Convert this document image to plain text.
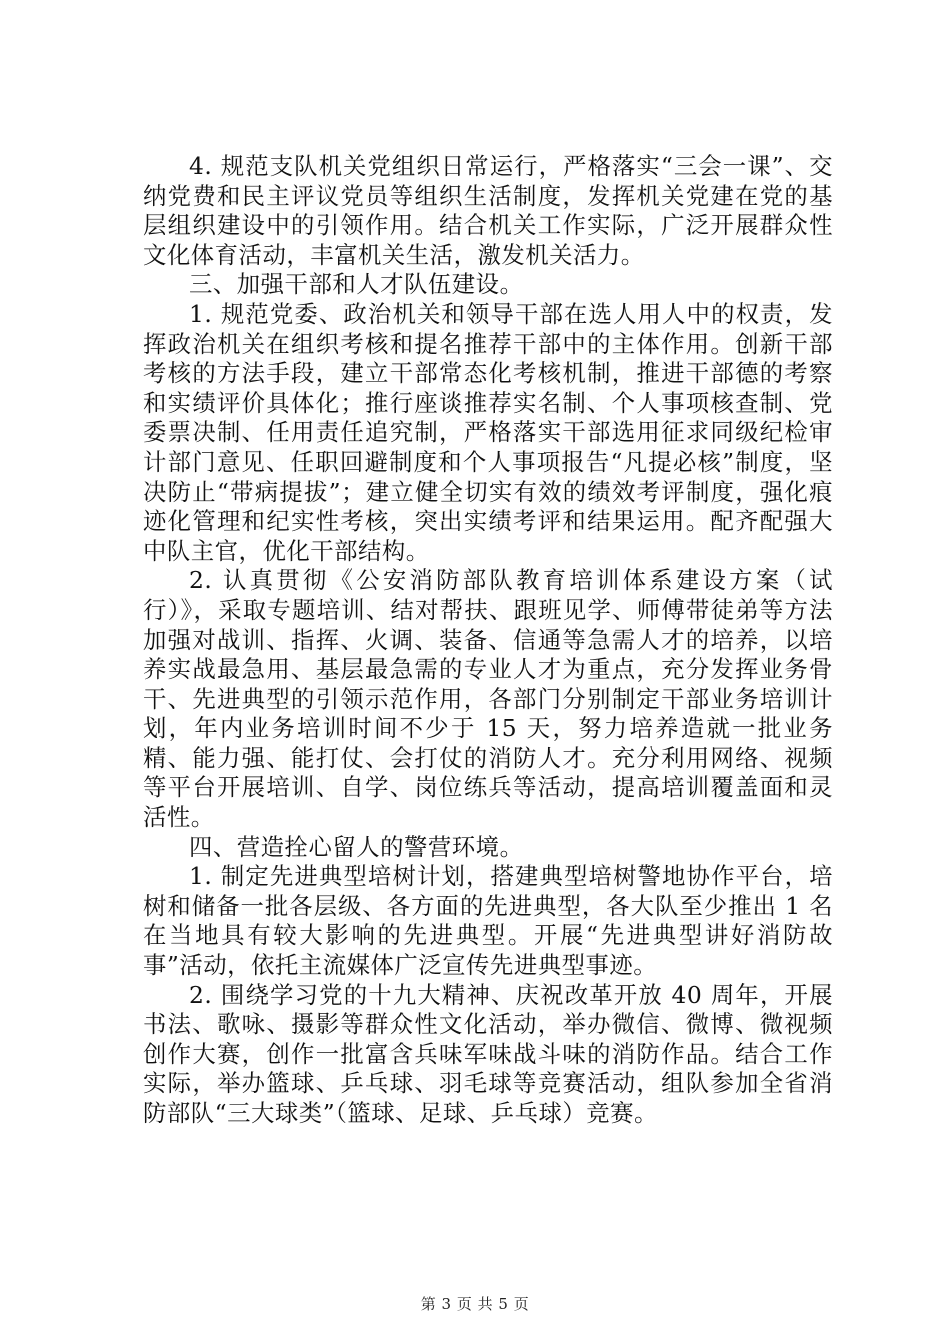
4. 规范支队机关党组织日常运行，严格落实“三会一课”、交纳党费和民主评议党员等组织生活制度，发挥机关党建在党的基层组织建设中的引领作用。结合机关工作实际，广泛开展群众性文化体育活动，丰富机关生活，激发机关活力。

三、加强干部和人才队伍建设。

1. 规范党委、政治机关和领导干部在选人用人中的权责，发挥政治机关在组织考核和提名推荐干部中的主体作用。创新干部考核的方法手段，建立干部常态化考核机制，推进干部德的考察和实绩评价具体化；推行座谈推荐实名制、个人事项核查制、党委票决制、任用责任追究制，严格落实干部选用征求同级纪检审计部门意见、任职回避制度和个人事项报告“凡提必核”制度，坚决防止“带病提拔”；建立健全切实有效的绩效考评制度，强化痕迹化管理和纪实性考核，突出实绩考评和结果运用。配齐配强大中队主官，优化干部结构。

2. 认真贯彻《公安消防部队教育培训体系建设方案（试行）》，采取专题培训、结对帮扶、跟班见学、师傅带徒弟等方法加强对战训、指挥、火调、装备、信通等急需人才的培养，以培养实战最急用、基层最急需的专业人才为重点，充分发挥业务骨干、先进典型的引领示范作用，各部门分别制定干部业务培训计划，年内业务培训时间不少于 15 天，努力培养造就一批业务精、能力强、能打仗、会打仗的消防人才。充分利用网络、视频等平台开展培训、自学、岗位练兵等活动，提高培训覆盖面和灵活性。

四、营造拴心留人的警营环境。

1. 制定先进典型培树计划，搭建典型培树警地协作平台，培树和储备一批各层级、各方面的先进典型，各大队至少推出 1 名在当地具有较大影响的先进典型。开展“先进典型讲好消防故事”活动，依托主流媒体广泛宣传先进典型事迹。

2. 围绕学习党的十九大精神、庆祝改革开放 40 周年，开展书法、歌咏、摄影等群众性文化活动，举办微信、微博、微视频创作大赛，创作一批富含兵味军味战斗味的消防作品。结合工作实际，举办篮球、乒乓球、羽毛球等竞赛活动，组队参加全省消防部队“三大球类”（篮球、足球、乒乓球）竞赛。

第 3 页 共 5 页
